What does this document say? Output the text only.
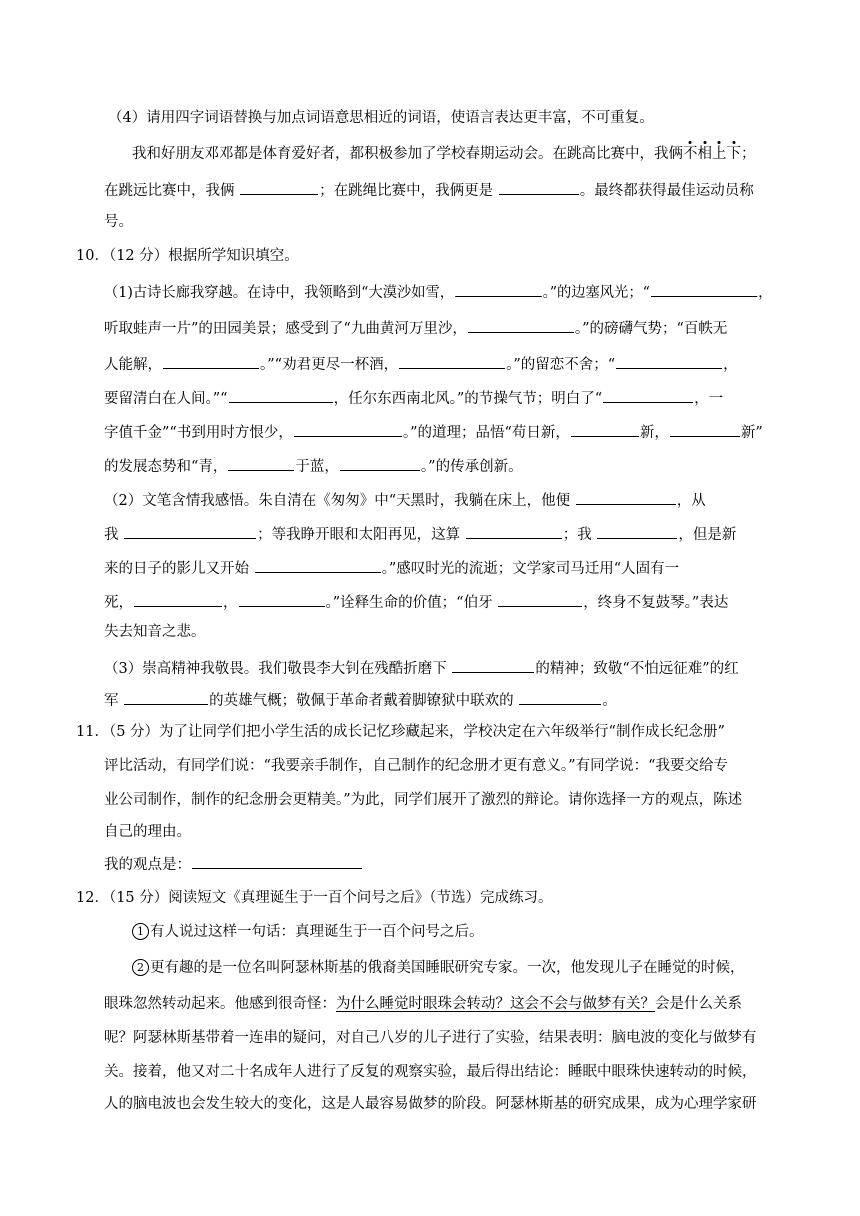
（4）请用四字词语替换与加点词语意思相近的词语，使语言表达更丰富，不可重复。
我和好朋友邓邓都是体育爱好者，都积极参加了学校春期运动会。在跳高比赛中，我俩不相上下；
在跳远比赛中，我俩	；在跳绳比赛中，我俩更是	。最终都获得最佳运动员称
号。
10．（12 分）根据所学知识填空。
（1)古诗长廊我穿越。在诗中，我领略到“大漠沙如雪，	。”的边塞风光；“	，
听取蛙声一片”的田园美景；感受到了“九曲黄河万里沙，	。”的磅礴气势；“百帙无
人能解，	。”“劝君更尽一杯酒，	。”的留恋不舍；“	，
要留清白在人间。”“	，任尔东西南北风。”的节操气节；明白了“	，一
字值千金”“书到用时方恨少，	。”的道理；品悟“苟日新，	新，	新”
的发展态势和“青，	于蓝，	。”的传承创新。
（2）文笔含情我感悟。朱自清在《匆匆》中“天黑时，我躺在床上，他便	，从
我	；等我睁开眼和太阳再见，这算	；我	，但是新
来的日子的影儿又开始	。”感叹时光的流逝；文学家司马迁用“人固有一
死，	，	。”诠释生命的价值；“伯牙	，终身不复鼓琴。”表达
失去知音之悲。
（3）崇高精神我敬畏。我们敬畏李大钊在残酷折磨下	的精神；致敬“不怕远征难”的红
军	的英雄气概；敬佩于革命者戴着脚镣狱中联欢的	。
11．（5 分）为了让同学们把小学生活的成长记忆珍藏起来，学校决定在六年级举行“制作成长纪念册”
评比活动，有同学们说：“我要亲手制作，自己制作的纪念册才更有意义。”有同学说：“我要交给专
业公司制作，制作的纪念册会更精美。”为此，同学们展开了激烈的辩论。请你选择一方的观点，陈述
自己的理由。
我的观点是：
12．（15 分）阅读短文《真理诞生于一百个问号之后》（节选）完成练习。
1 有人说过这样一句话：真理诞生于一百个问号之后。
2 更有趣的是一位名叫阿瑟林斯基的俄裔美国睡眠研究专家。一次，他发现儿子在睡觉的时候，
眼珠忽然转动起来。他感到很奇怪：为什么睡觉时眼珠会转动？这会不会与做梦有关？会是什么关系
呢？阿瑟林斯基带着一连串的疑问，对自己八岁的儿子进行了实验，结果表明：脑电波的变化与做梦有
关。接着，他又对二十名成年人进行了反复的观察实验，最后得出结论：睡眠中眼珠快速转动的时候，
人的脑电波也会发生较大的变化，这是人最容易做梦的阶段。阿瑟林斯基的研究成果，成为心理学家研
